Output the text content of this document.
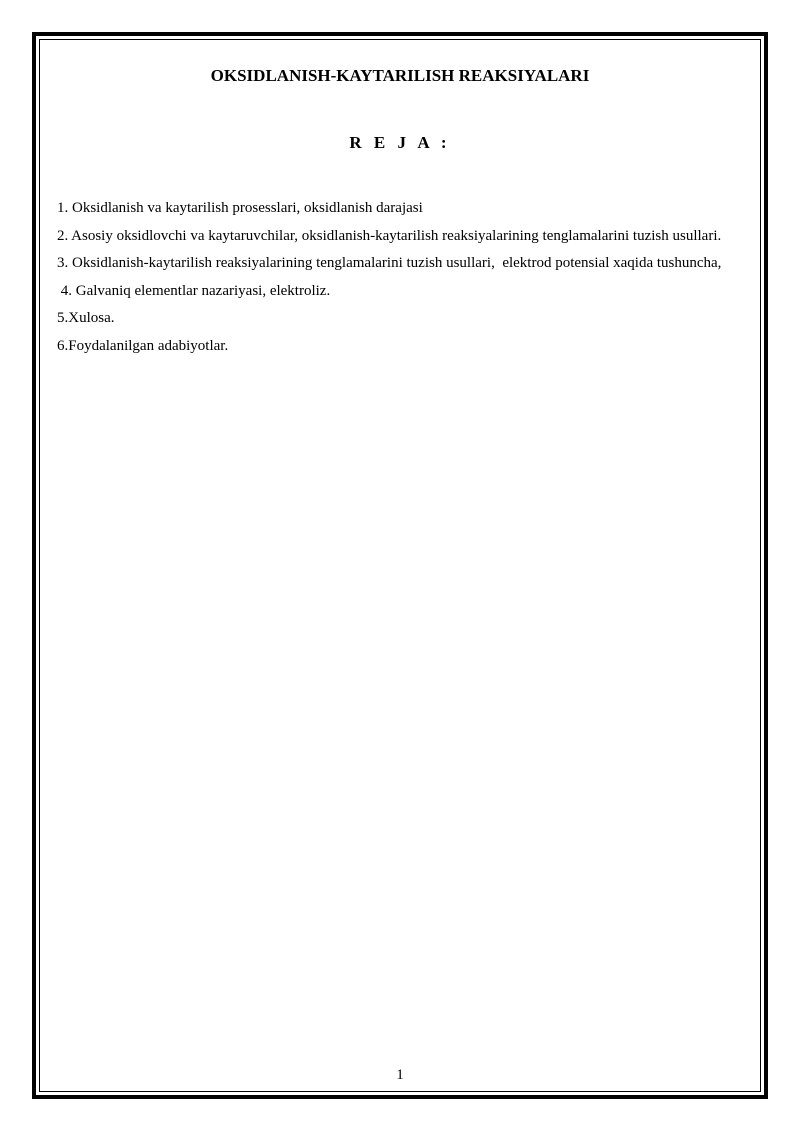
OKSIDLANISH-KAYTARILISH REAKSIYALARI
R E J A :

1. Oksidlanish va kaytarilish prosesslari, oksidlanish darajasi

2. Asosiy oksidlovchi va kaytaruvchilar, oksidlanish-kaytarilish reaksiyalarining tenglamalarini tuzish usullari.

3. Oksidlanish-kaytarilish reaksiyalarining tenglamalarini tuzish usullari,  elektrod potensial xaqida tushuncha,

4. Galvaniq elementlar nazariyasi, elektroliz.

5.Xulosa.

6.Foydalanilgan adabiyotlar.

1
